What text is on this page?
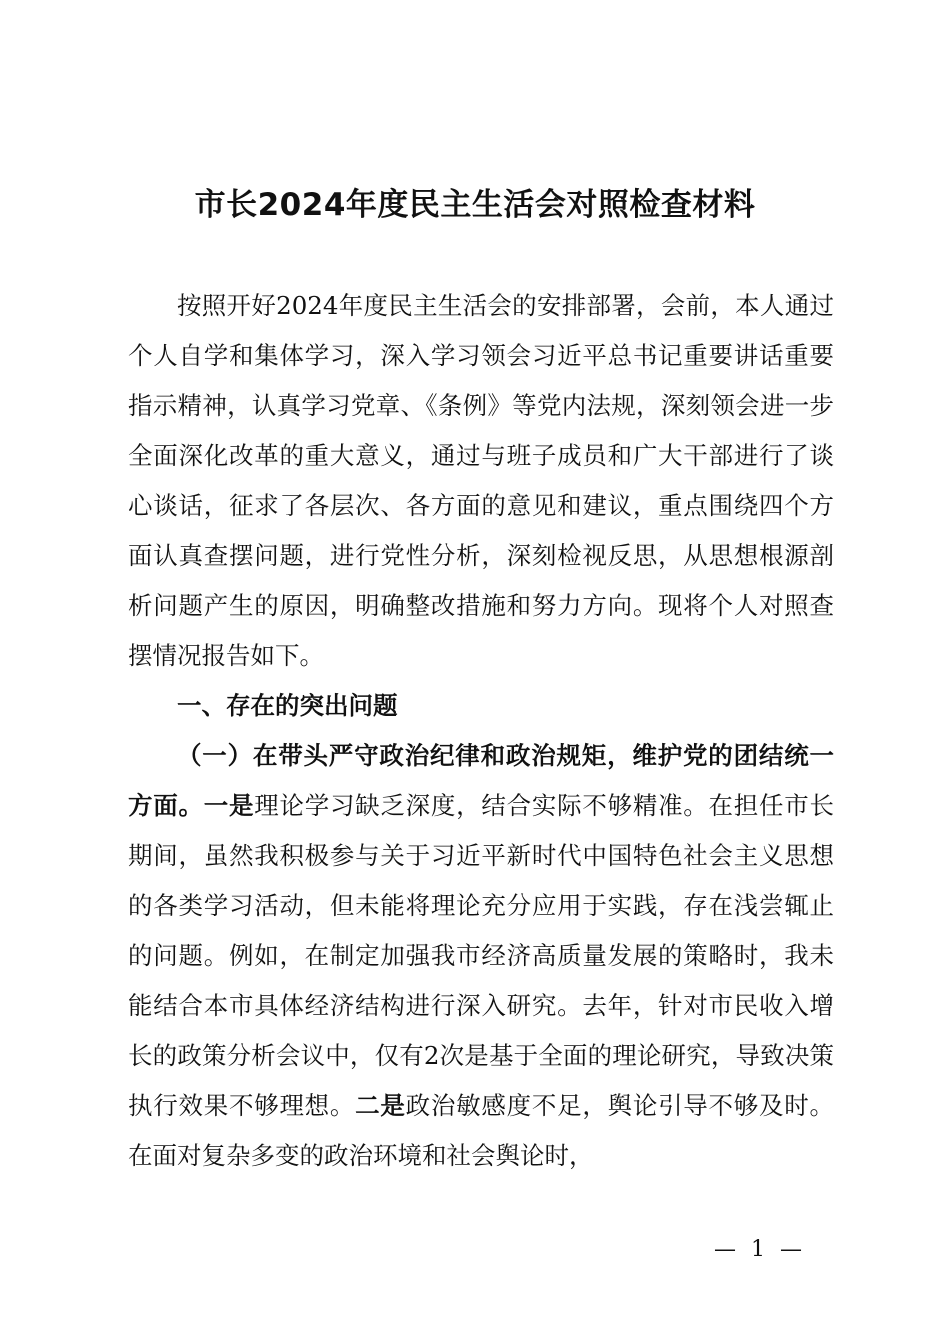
市长2024年度民主生活会对照检查材料

按照开好2024年度民主生活会的安排部署，会前，本人通过个人自学和集体学习，深入学习领会习近平总书记重要讲话重要指示精神，认真学习党章、《条例》等党内法规，深刻领会进一步全面深化改革的重大意义，通过与班子成员和广大干部进行了谈心谈话，征求了各层次、各方面的意见和建议，重点围绕四个方面认真查摆问题，进行党性分析，深刻检视反思，从思想根源剖析问题产生的原因，明确整改措施和努力方向。现将个人对照查摆情况报告如下。

一、存在的突出问题

（一）在带头严守政治纪律和政治规矩，维护党的团结统一方面。一是理论学习缺乏深度，结合实际不够精准。在担任市长期间，虽然我积极参与关于习近平新时代中国特色社会主义思想的各类学习活动，但未能将理论充分应用于实践，存在浅尝辄止的问题。例如，在制定加强我市经济高质量发展的策略时，我未能结合本市具体经济结构进行深入研究。去年，针对市民收入增长的政策分析会议中，仅有2次是基于全面的理论研究，导致决策执行效果不够理想。二是政治敏感度不足，舆论引导不够及时。在面对复杂多变的政治环境和社会舆论时，

— 1 —
